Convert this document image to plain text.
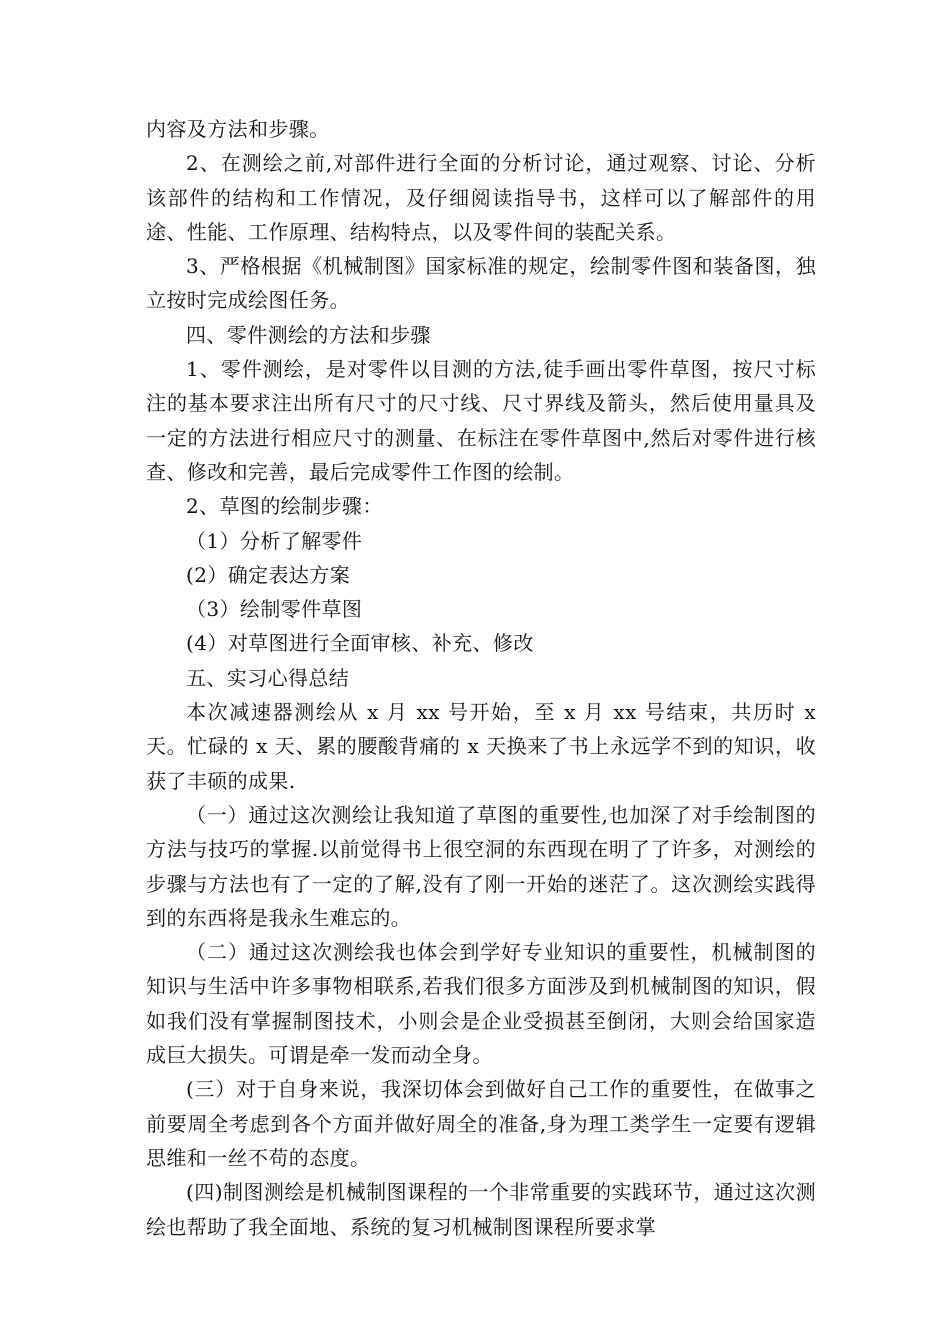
内容及方法和步骤。

2、在测绘之前,对部件进行全面的分析讨论，通过观察、讨论、分析该部件的结构和工作情况，及仔细阅读指导书，这样可以了解部件的用途、性能、工作原理、结构特点，以及零件间的装配关系。

3、严格根据《机械制图》国家标准的规定，绘制零件图和装备图，独立按时完成绘图任务。

四、零件测绘的方法和步骤

1、零件测绘，是对零件以目测的方法,徒手画出零件草图，按尺寸标注的基本要求注出所有尺寸的尺寸线、尺寸界线及箭头，然后使用量具及一定的方法进行相应尺寸的测量、在标注在零件草图中,然后对零件进行核查、修改和完善，最后完成零件工作图的绘制。

2、草图的绘制步骤：

（1）分析了解零件

(2）确定表达方案

（3）绘制零件草图

(4）对草图进行全面审核、补充、修改

五、实习心得总结

本次减速器测绘从 x 月 xx 号开始，至 x 月 xx 号结束，共历时 x 天。忙碌的 x 天、累的腰酸背痛的 x 天换来了书上永远学不到的知识，收获了丰硕的成果.

（一）通过这次测绘让我知道了草图的重要性,也加深了对手绘制图的方法与技巧的掌握.以前觉得书上很空洞的东西现在明了了许多，对测绘的步骤与方法也有了一定的了解,没有了刚一开始的迷茫了。这次测绘实践得到的东西将是我永生难忘的。

（二）通过这次测绘我也体会到学好专业知识的重要性，机械制图的知识与生活中许多事物相联系,若我们很多方面涉及到机械制图的知识，假如我们没有掌握制图技术，小则会是企业受损甚至倒闭，大则会给国家造成巨大损失。可谓是牵一发而动全身。

(三）对于自身来说，我深切体会到做好自己工作的重要性，在做事之前要周全考虑到各个方面并做好周全的准备,身为理工类学生一定要有逻辑思维和一丝不苟的态度。

(四)制图测绘是机械制图课程的一个非常重要的实践环节，通过这次测绘也帮助了我全面地、系统的复习机械制图课程所要求掌
